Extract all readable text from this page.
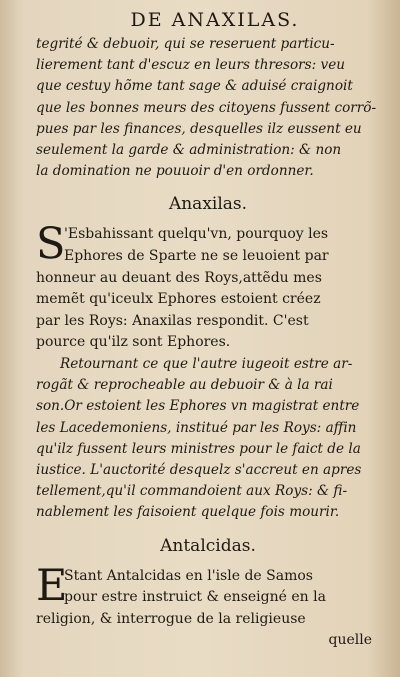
DE ANAXILAS.

tegrité & debuoir, qui se reseruent particu-

lierement tant d'escuz en leurs thresors: veu

que cestuy hõme tant sage & aduisé craignoit

que les bonnes meurs des citoyens fussent corrõ-

pues par les finances, desquelles ilz eussent eu

seulement la garde & administration: & non

la domination ne pouuoir d'en ordonner.

Anaxilas.
S

'Esbahissant quelqu'vn, pourquoy les

Ephores de Sparte ne se leuoient par

honneur au deuant des Roys,attẽdu mes

memẽt qu'iceulx Ephores estoient créez

par les Roys: Anaxilas respondit. C'est

pource qu'ilz sont Ephores.

Retournant ce que l'autre iugeoit estre ar-

rogãt & reprocheable au debuoir & à la rai

son.Or estoient les Ephores vn magistrat entre

les Lacedemoniens, institué par les Roys: affin

qu'ilz fussent leurs ministres pour le faict de la

iustice. L'auctorité desquelz s'accreut en apres

tellement,qu'il commandoient aux Roys: & fi-

nablement les faisoient quelque fois mourir.

Antalcidas.
E

Stant Antalcidas en l'isle de Samos

pour estre instruict & enseigné en la

religion, & interrogue de la religieuse

quelle
